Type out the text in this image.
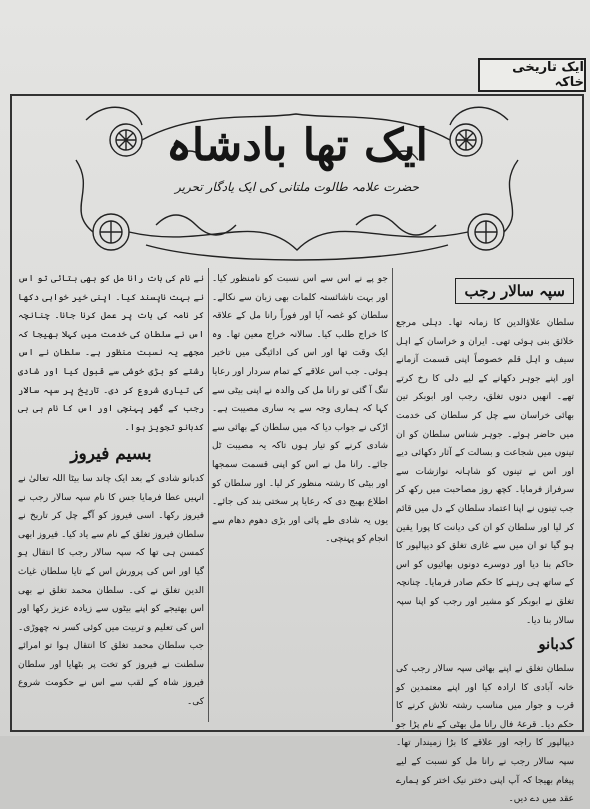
ایک تاریخی خاکہ
ایک تھا بادشاہ
حضرت علامہ طالوت ملتانی کی ایک یادگار تحریر
سپہ سالار رجب

سلطان علاؤالدین کا زمانہ تھا۔ دہلی مرجع خلائق بنی ہوئی تھی۔ ایران و خراسان کے اہل سیف و اہل قلم خصوصاً اپنی قسمت آزمانے اور اپنے جوہر دکھانے کے لیے دلی کا رخ کرتے تھے۔ انھیں دنوں تغلق، رجب اور ابوبکر تین بھائی خراسان سے چل کر سلطان کی خدمت میں حاضر ہوئے۔ جوہر شناس سلطان کو ان تینوں میں شجاعت و بسالت کے آثار دکھائی دیے اور اس نے تینوں کو شاہانہ نوازشات سے سرفراز فرمایا۔ کچھ روز مصاحبت میں رکھ کر جب تینوں نے اپنا اعتماد سلطان کے دل میں قائم کر لیا اور سلطان کو ان کی دیانت کا پورا یقین ہو گیا تو ان میں سے غازی تغلق کو دیپالپور کا حاکم بنا دیا اور دوسرے دونوں بھائیوں کو اس کے ساتھ ہی رہنے کا حکم صادر فرمایا۔ چنانچہ تغلق نے ابوبکر کو مشیر اور رجب کو اپنا سپہ سالار بنا دیا۔

کدبانو

سلطان تغلق نے اپنے بھائی سپہ سالار رجب کی خانہ آبادی کا ارادہ کیا اور اپنے معتمدین کو قرب و جوار میں مناسب رشتہ تلاش کرنے کا حکم دیا۔ قرعۂ فال رانا مل بھٹی کے نام پڑا جو دیپالپور کا راجہ اور علاقے کا بڑا زمیندار تھا۔ سپہ سالار رجب نے رانا مل کو نسبت کے لیے پیغام بھیجا کہ آپ اپنی دختر نیک اختر کو ہمارے عقد میں دے دیں۔

جو پے نے اس سے اس نسبت کو نامنظور کیا۔ اور بہت ناشائستہ کلمات بھی زبان سے نکالے۔ سلطان کو غصہ آیا اور فوراً رانا مل کے علاقہ کا خراج طلب کیا۔ سالانہ خراج معین تھا۔ وہ ایک وقت تھا اور اس کی ادائیگی میں تاخیر ہوئی۔ جب اس علاقے کے تمام سردار اور رعایا تنگ آ گئی تو رانا مل کی والدہ نے اپنی بیٹی سے کہا کہ ہماری وجہ سے یہ ساری مصیبت ہے۔ اڑکی نے جواب دیا کہ میں سلطان کے بھائی سے شادی کرنے کو تیار ہوں تاکہ یہ مصیبت ٹل جائے۔ رانا مل نے اس کو اپنی قسمت سمجھا اور بیٹی کا رشتہ منظور کر لیا۔ اور سلطان کو اطلاع بھیج دی کہ رعایا پر سختی بند کی جائے۔ یوں یہ شادی طے پائی اور بڑی دھوم دھام سے انجام کو پہنچی۔

نے نام کی بات رانا مل کو بھی بتائی تو اس نے بہت ناپسند کیا۔ اپنی خیر خواہی دکھا کر نامہ کی بات پر عمل کرنا جانا۔ چنانچہ اس نے سلطان کی خدمت میں کہلا بھیجا کہ مجھے یہ نسبت منظور ہے۔ سلطان نے اس رشتے کو بڑی خوشی سے قبول کیا اور شادی کی تیاری شروع کر دی۔ تاریخ پر سپہ سالار رجب کے گھر پہنچی اور اس کا نام بی بی کدبانو تجویز ہوا۔

بسیم فیروز

کدبانو شادی کے بعد ایک چاند سا بیٹا اللہ تعالیٰ نے انہیں عطا فرمایا جس کا نام سپہ سالار رجب نے فیروز رکھا۔ اسی فیروز کو آگے چل کر تاریخ نے سلطان فیروز تغلق کے نام سے یاد کیا۔ فیروز ابھی کمسن ہی تھا کہ سپہ سالار رجب کا انتقال ہو گیا اور اس کی پرورش اس کے تایا سلطان غیاث الدین تغلق نے کی۔ سلطان محمد تغلق نے بھی اس بھتیجے کو اپنے بیٹوں سے زیادہ عزیز رکھا اور اس کی تعلیم و تربیت میں کوئی کسر نہ چھوڑی۔ جب سلطان محمد تغلق کا انتقال ہوا تو امرائے سلطنت نے فیروز کو تخت پر بٹھایا اور سلطان فیروز شاہ کے لقب سے اس نے حکومت شروع کی۔
